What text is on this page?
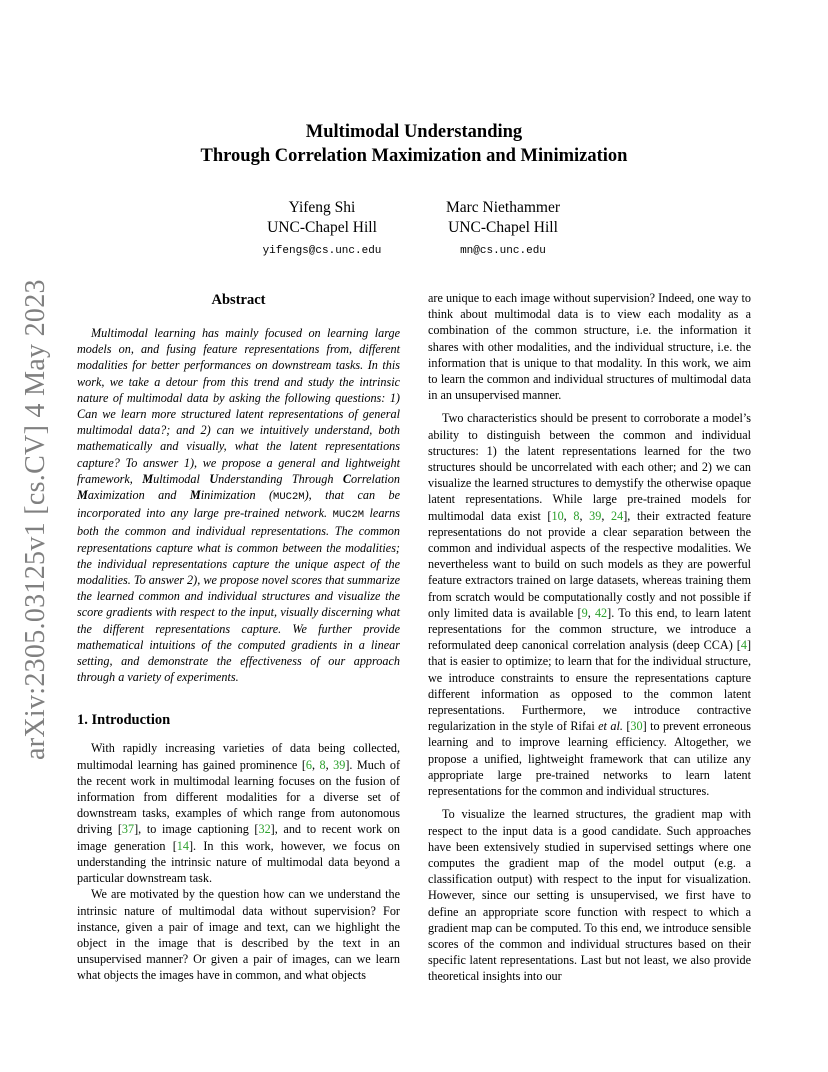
arXiv:2305.03125v1 [cs.CV] 4 May 2023
Multimodal Understanding
Through Correlation Maximization and Minimization
Yifeng Shi
UNC-Chapel Hill
yifengs@cs.unc.edu
Marc Niethammer
UNC-Chapel Hill
mn@cs.unc.edu
Abstract

Multimodal learning has mainly focused on learning large models on, and fusing feature representations from, different modalities for better performances on downstream tasks. In this work, we take a detour from this trend and study the intrinsic nature of multimodal data by asking the following questions: 1) Can we learn more structured latent representations of general multimodal data?; and 2) can we intuitively understand, both mathematically and visually, what the latent representations capture? To answer 1), we propose a general and lightweight framework, Multimodal Understanding Through Correlation Maximization and Minimization (MUC2M), that can be incorporated into any large pre-trained network. MUC2M learns both the common and individual representations. The common representations capture what is common between the modalities; the individual representations capture the unique aspect of the modalities. To answer 2), we propose novel scores that summarize the learned common and individual structures and visualize the score gradients with respect to the input, visually discerning what the different representations capture. We further provide mathematical intuitions of the computed gradients in a linear setting, and demonstrate the effectiveness of our approach through a variety of experiments.

1. Introduction

With rapidly increasing varieties of data being collected, multimodal learning has gained prominence [6, 8, 39]. Much of the recent work in multimodal learning focuses on the fusion of information from different modalities for a diverse set of downstream tasks, examples of which range from autonomous driving [37], to image captioning [32], and to recent work on image generation [14]. In this work, however, we focus on understanding the intrinsic nature of multimodal data beyond a particular downstream task.

We are motivated by the question how can we understand the intrinsic nature of multimodal data without supervision? For instance, given a pair of image and text, can we highlight the object in the image that is described by the text in an unsupervised manner? Or given a pair of images, can we learn what objects the images have in common, and what objects

are unique to each image without supervision? Indeed, one way to think about multimodal data is to view each modality as a combination of the common structure, i.e. the information it shares with other modalities, and the individual structure, i.e. the information that is unique to that modality. In this work, we aim to learn the common and individual structures of multimodal data in an unsupervised manner.

Two characteristics should be present to corroborate a model’s ability to distinguish between the common and individual structures: 1) the latent representations learned for the two structures should be uncorrelated with each other; and 2) we can visualize the learned structures to demystify the otherwise opaque latent representations. While large pre-trained models for multimodal data exist [10, 8, 39, 24], their extracted feature representations do not provide a clear separation between the common and individual aspects of the respective modalities. We nevertheless want to build on such models as they are powerful feature extractors trained on large datasets, whereas training them from scratch would be computationally costly and not possible if only limited data is available [9, 42]. To this end, to learn latent representations for the common structure, we introduce a reformulated deep canonical correlation analysis (deep CCA) [4] that is easier to optimize; to learn that for the individual structure, we introduce constraints to ensure the representations capture different information as opposed to the common latent representations. Furthermore, we introduce contractive regularization in the style of Rifai et al. [30] to prevent erroneous learning and to improve learning efficiency. Altogether, we propose a unified, lightweight framework that can utilize any appropriate large pre-trained networks to learn latent representations for the common and individual structures.

To visualize the learned structures, the gradient map with respect to the input data is a good candidate. Such approaches have been extensively studied in supervised settings where one computes the gradient map of the model output (e.g. a classification output) with respect to the input for visualization. However, since our setting is unsupervised, we first have to define an appropriate score function with respect to which a gradient map can be computed. To this end, we introduce sensible scores of the common and individual structures based on their specific latent representations. Last but not least, we also provide theoretical insights into our
